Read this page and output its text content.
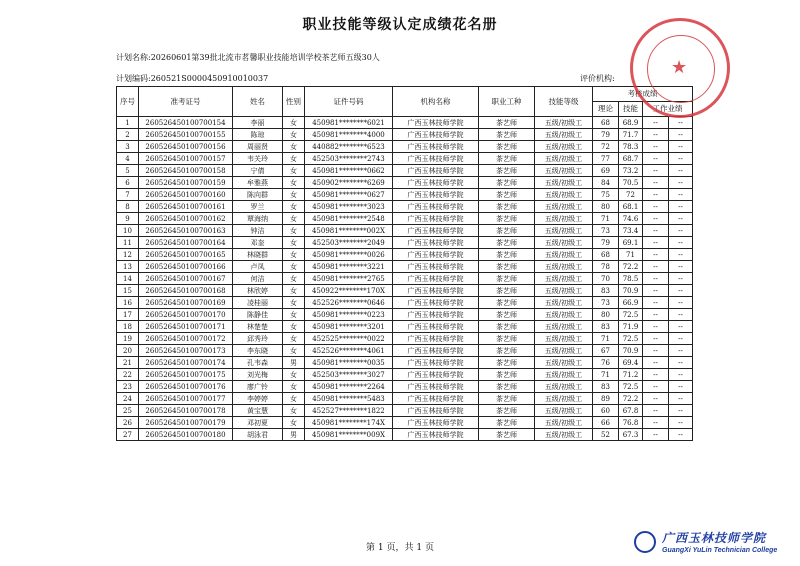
职业技能等级认定成绩花名册
计划名称:20260601第39批北流市茗馨职业技能培训学校茶艺师五级30人
计划编码:260521S0000450910010037	评价机构:
序号	准考证号	姓名	性别	证件号码	机构名称	职业工种	技能等级	考核成绩			
								理论	技能	工作业绩	
1	260526450100700154	李丽	女	450981********6021	广西玉林技师学院	茶艺师	五级/初级工	68	68.9	--	--
2	260526450100700155	陈琼	女	450981********4000	广西玉林技师学院	茶艺师	五级/初级工	79	71.7	--	--
3	260526450100700156	周丽贤	女	440882********6523	广西玉林技师学院	茶艺师	五级/初级工	72	78.3	--	--
4	260526450100700157	韦关玲	女	452503********2743	广西玉林技师学院	茶艺师	五级/初级工	77	68.7	--	--
5	260526450100700158	宁倩	女	450981********0662	广西玉林技师学院	茶艺师	五级/初级工	69	73.2	--	--
6	260526450100700159	牟雅燕	女	450902********6269	广西玉林技师学院	茶艺师	五级/初级工	84	70.5	--	--
7	260526450100700160	陈向群	女	450981********0627	广西玉林技师学院	茶艺师	五级/初级工	75	72	--	--
8	260526450100700161	罗兰	女	450981********3023	广西玉林技师学院	茶艺师	五级/初级工	80	68.1	--	--
9	260526450100700162	覃海纳	女	450981********2548	广西玉林技师学院	茶艺师	五级/初级工	71	74.6	--	--
10	260526450100700163	钟洁	女	450981********002X	广西玉林技师学院	茶艺师	五级/初级工	73	73.4	--	--
11	260526450100700164	邓奎	女	452503********2049	广西玉林技师学院	茶艺师	五级/初级工	79	69.1	--	--
12	260526450100700165	林晓群	女	450981********0026	广西玉林技师学院	茶艺师	五级/初级工	68	71	--	--
13	260526450100700166	卢凤	女	450981********3221	广西玉林技师学院	茶艺师	五级/初级工	78	72.2	--	--
14	260526450100700167	何洁	女	450981********2765	广西玉林技师学院	茶艺师	五级/初级工	70	78.5	--	--
15	260526450100700168	林欣婷	女	450922********170X	广西玉林技师学院	茶艺师	五级/初级工	83	70.9	--	--
16	260526450100700169	凌桂丽	女	452526********0646	广西玉林技师学院	茶艺师	五级/初级工	73	66.9	--	--
17	260526450100700170	陈静佳	女	450981********0223	广西玉林技师学院	茶艺师	五级/初级工	80	72.5	--	--
18	260526450100700171	林楚楚	女	450981********3201	广西玉林技师学院	茶艺师	五级/初级工	83	71.9	--	--
19	260526450100700172	邱秀玲	女	452525********0022	广西玉林技师学院	茶艺师	五级/初级工	71	72.5	--	--
20	260526450100700173	李东晓	女	452526********4061	广西玉林技师学院	茶艺师	五级/初级工	67	70.9	--	--
21	260526450100700174	孔韦森	男	450981********0035	广西玉林技师学院	茶艺师	五级/初级工	76	69.4	--	--
22	260526450100700175	刘光梅	女	452503********3027	广西玉林技师学院	茶艺师	五级/初级工	71	71.2	--	--
23	260526450100700176	廖广铃	女	450981********2264	广西玉林技师学院	茶艺师	五级/初级工	83	72.5	--	--
24	260526450100700177	李婷婷	女	450981********5483	广西玉林技师学院	茶艺师	五级/初级工	89	72.2	--	--
25	260526450100700178	黄宝慧	女	452527********1822	广西玉林技师学院	茶艺师	五级/初级工	60	67.8	--	--
26	260526450100700179	邓初夏	女	450981********174X	广西玉林技师学院	茶艺师	五级/初级工	66	76.8	--	--
27	260526450100700180	胡泳君	男	450981********009X	广西玉林技师学院	茶艺师	五级/初级工	52	67.3	--	--
第 1 页，共 1 页
★
广西玉林技师学院
GuangXi YuLin Technician College
